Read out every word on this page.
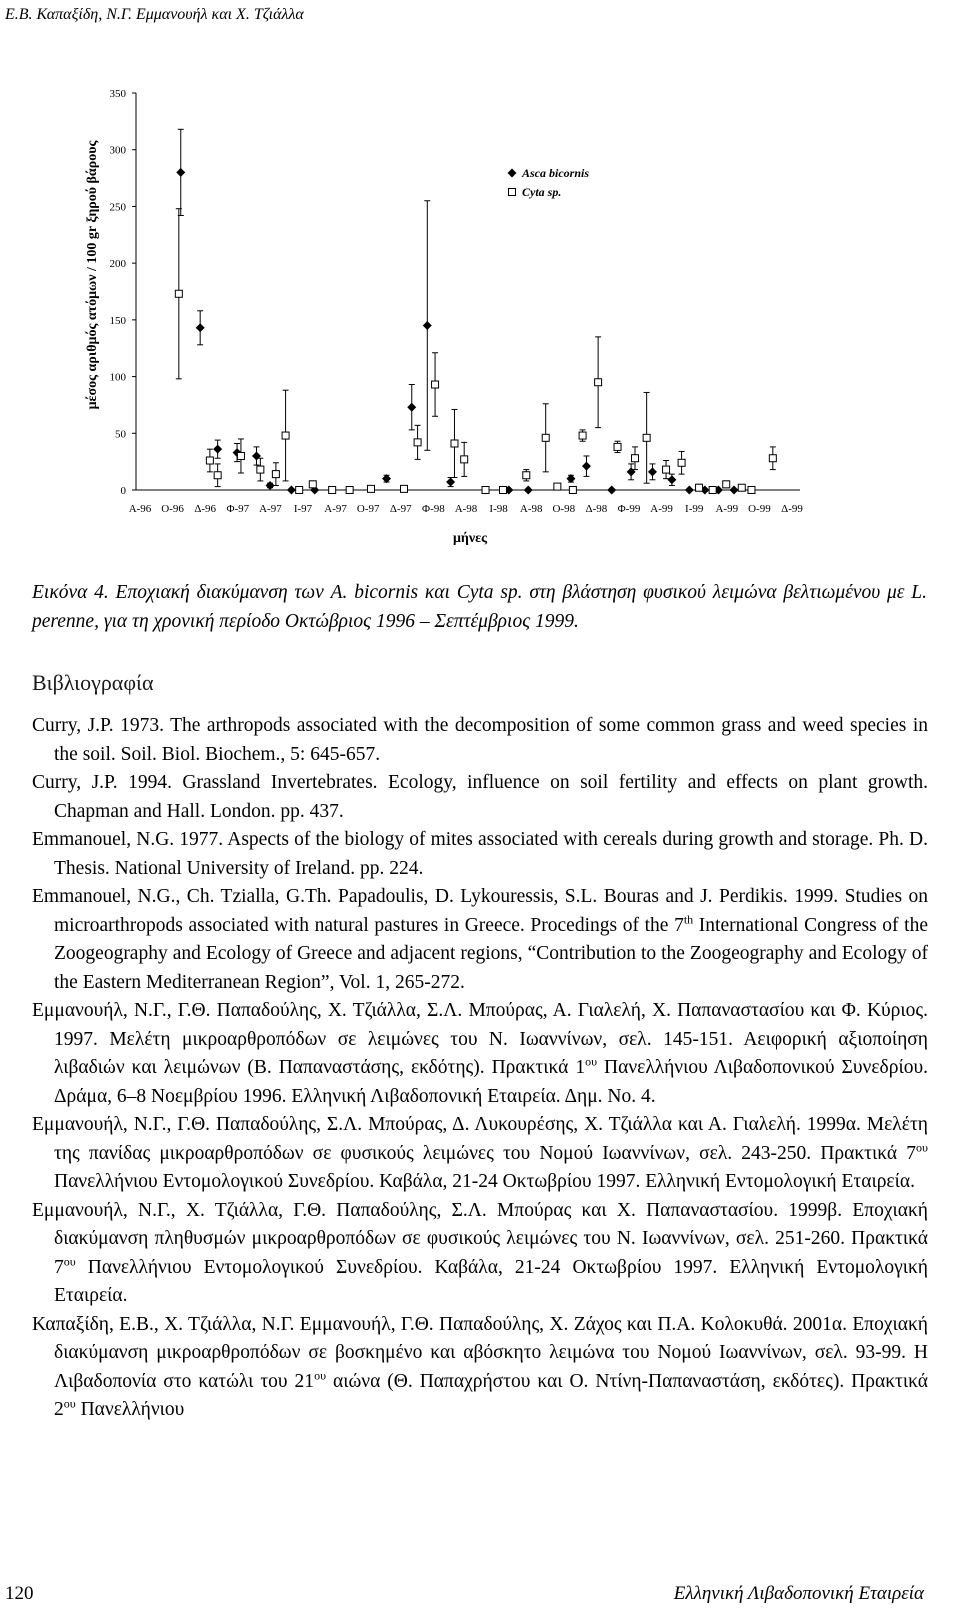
Ε.Β. Καπαξίδη, Ν.Γ. Εμμανουήλ και Χ. Τζιάλλα
0
50
100
150
200
250
300
350
Α-96 Ο-96 Δ-96 Φ-97 Α-97 Ι-97 Α-97 Ο-97 Δ-97 Φ-98 Α-98 Ι-98 Α-98 Ο-98 Δ-98 Φ-99 Α-99 Ι-99 Α-99 Ο-99 Δ-99
Asca bicornis
Cyta sp.
μήνες
μέσος αριθμός ατόμων / 100 gr ξηρού βάρους
Εικόνα 4. Εποχιακή διακύμανση των A. bicornis και Cyta sp. στη βλάστηση φυσικού λειμώνα βελτιωμένου με L. perenne, για τη χρονική περίοδο Οκτώβριος 1996 – Σεπτέμβριος 1999.
Βιβλιογραφία

Curry, J.P. 1973. The arthropods associated with the decomposition of some common grass and weed species in the soil. Soil. Biol. Biochem., 5: 645-657.

Curry, J.P. 1994. Grassland Invertebrates. Ecology, influence on soil fertility and effects on plant growth. Chapman and Hall. London. pp. 437.

Emmanouel, N.G. 1977. Aspects of the biology of mites associated with cereals during growth and storage. Ph. D. Thesis. National University of Ireland. pp. 224.

Emmanouel, N.G., Ch. Tzialla, G.Th. Papadoulis, D. Lykouressis, S.L. Bouras and J. Perdikis. 1999. Studies on microarthropods associated with natural pastures in Greece. Procedings of the 7th International Congress of the Zoogeography and Ecology of Greece and adjacent regions, “Contribution to the Zoogeography and Ecology of the Eastern Mediterranean Region”, Vol. 1, 265-272.

Εμμανουήλ, Ν.Γ., Γ.Θ. Παπαδούλης, Χ. Τζιάλλα, Σ.Λ. Μπούρας, Α. Γιαλελή, Χ. Παπαναστασίου και Φ. Κύριος. 1997. Μελέτη μικροαρθροπόδων σε λειμώνες του Ν. Ιωαννίνων, σελ. 145-151. Αειφορική αξιοποίηση λιβαδιών και λειμώνων (Β. Παπαναστάσης, εκδότης). Πρακτικά $1^{o\upsilon}$ Πανελλήνιου Λιβαδοπονικού Συνεδρίου. Δράμα, 6–8 Νοεμβρίου 1996. Ελληνική Λιβαδοπονική Εταιρεία. Δημ. Νο. 4.

Εμμανουήλ, Ν.Γ., Γ.Θ. Παπαδούλης, Σ.Λ. Μπούρας, Δ. Λυκουρέσης, Χ. Τζιάλλα και Α. Γιαλελή. 1999α. Μελέτη της πανίδας μικροαρθροπόδων σε φυσικούς λειμώνες του Νομού Ιωαννίνων, σελ. 243-250. Πρακτικά $7^{o\upsilon}$ Πανελλήνιου Εντομολογικού Συνεδρίου. Καβάλα, 21-24 Οκτωβρίου 1997. Ελληνική Εντομολογική Εταιρεία.

Εμμανουήλ, Ν.Γ., Χ. Τζιάλλα, Γ.Θ. Παπαδούλης, Σ.Λ. Μπούρας και Χ. Παπαναστασίου. 1999β. Εποχιακή διακύμανση πληθυσμών μικροαρθροπόδων σε φυσικούς λειμώνες του Ν. Ιωαννίνων, σελ. 251-260. Πρακτικά $7^{o\upsilon}$ Πανελλήνιου Εντομολογικού Συνεδρίου. Καβάλα, 21-24 Οκτωβρίου 1997. Ελληνική Εντομολογική Εταιρεία.

Καπαξίδη, Ε.Β., Χ. Τζιάλλα, Ν.Γ. Εμμανουήλ, Γ.Θ. Παπαδούλης, Χ. Ζάχος και Π.Α. Κολοκυθά. 2001α. Εποχιακή διακύμανση μικροαρθροπόδων σε βοσκημένο και αβόσκητο λειμώνα του Νομού Ιωαννίνων, σελ. 93-99. Η Λιβαδοπονία στο κατώλι του $21^{o\upsilon}$ αιώνα (Θ. Παπαχρήστου και Ο. Ντίνη-Παπαναστάση, εκδότες). Πρακτικά $2^{o\upsilon}$ Πανελλήνιου

120	Ελληνική Λιβαδοπονική Εταιρεία
